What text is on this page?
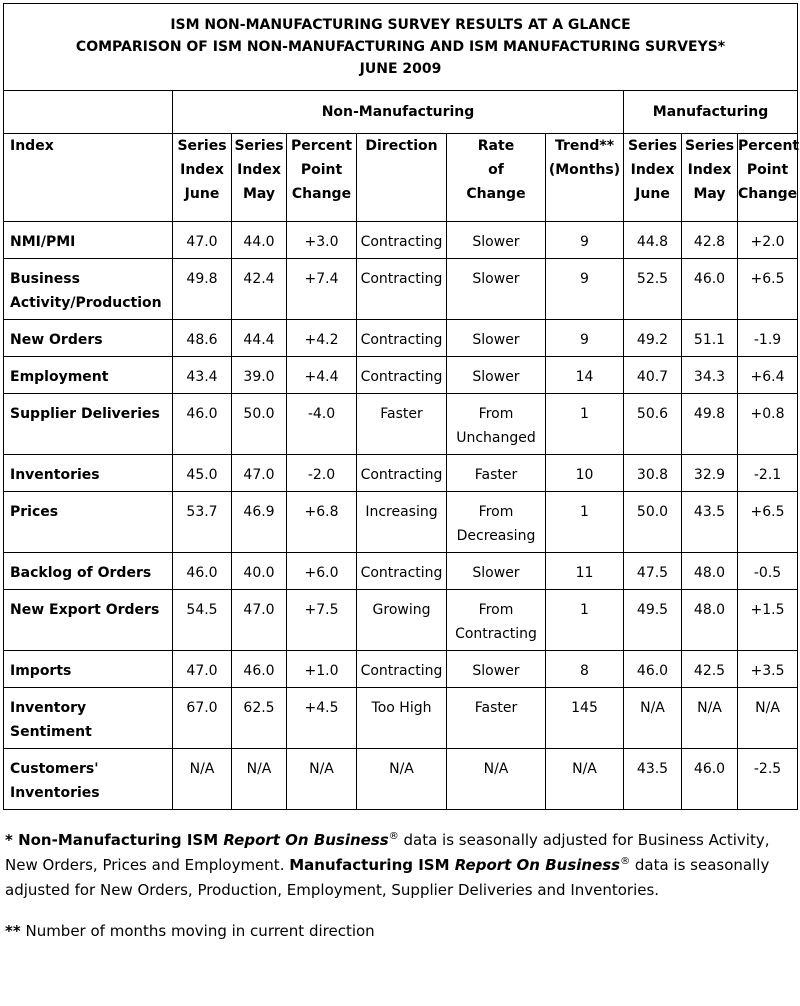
ISM NON-MANUFACTURING SURVEY RESULTS AT A GLANCE
COMPARISON OF ISM NON-MANUFACTURING AND ISM MANUFACTURING SURVEYS*
JUNE 2009									

	Non-Manufacturing						Manufacturing		
Index	Series
Index
June	Series
Index
May	Percent
Point
Change	Direction	Rate
of
Change	Trend**
(Months)	Series
Index
June	Series
Index
May	Percent
Point
Change
NMI/PMI	47.0	44.0	+3.0	Contracting	Slower	9	44.8	42.8	+2.0
Business
Activity/Production	49.8	42.4	+7.4	Contracting	Slower	9	52.5	46.0	+6.5
New Orders	48.6	44.4	+4.2	Contracting	Slower	9	49.2	51.1	-1.9
Employment	43.4	39.0	+4.4	Contracting	Slower	14	40.7	34.3	+6.4
Supplier Deliveries	46.0	50.0	-4.0	Faster	From
Unchanged	1	50.6	49.8	+0.8
Inventories	45.0	47.0	-2.0	Contracting	Faster	10	30.8	32.9	-2.1
Prices	53.7	46.9	+6.8	Increasing	From
Decreasing	1	50.0	43.5	+6.5
Backlog of Orders	46.0	40.0	+6.0	Contracting	Slower	11	47.5	48.0	-0.5
New Export Orders	54.5	47.0	+7.5	Growing	From
Contracting	1	49.5	48.0	+1.5
Imports	47.0	46.0	+1.0	Contracting	Slower	8	46.0	42.5	+3.5
Inventory Sentiment	67.0	62.5	+4.5	Too High	Faster	145	N/A	N/A	N/A
Customers'
Inventories	N/A	N/A	N/A	N/A	N/A	N/A	43.5	46.0	-2.5

* Non-Manufacturing ISM Report On Business® data is seasonally adjusted for Business Activity, New Orders, Prices and Employment. Manufacturing ISM Report On Business® data is seasonally adjusted for New Orders, Production, Employment, Supplier Deliveries and Inventories.

** Number of months moving in current direction
